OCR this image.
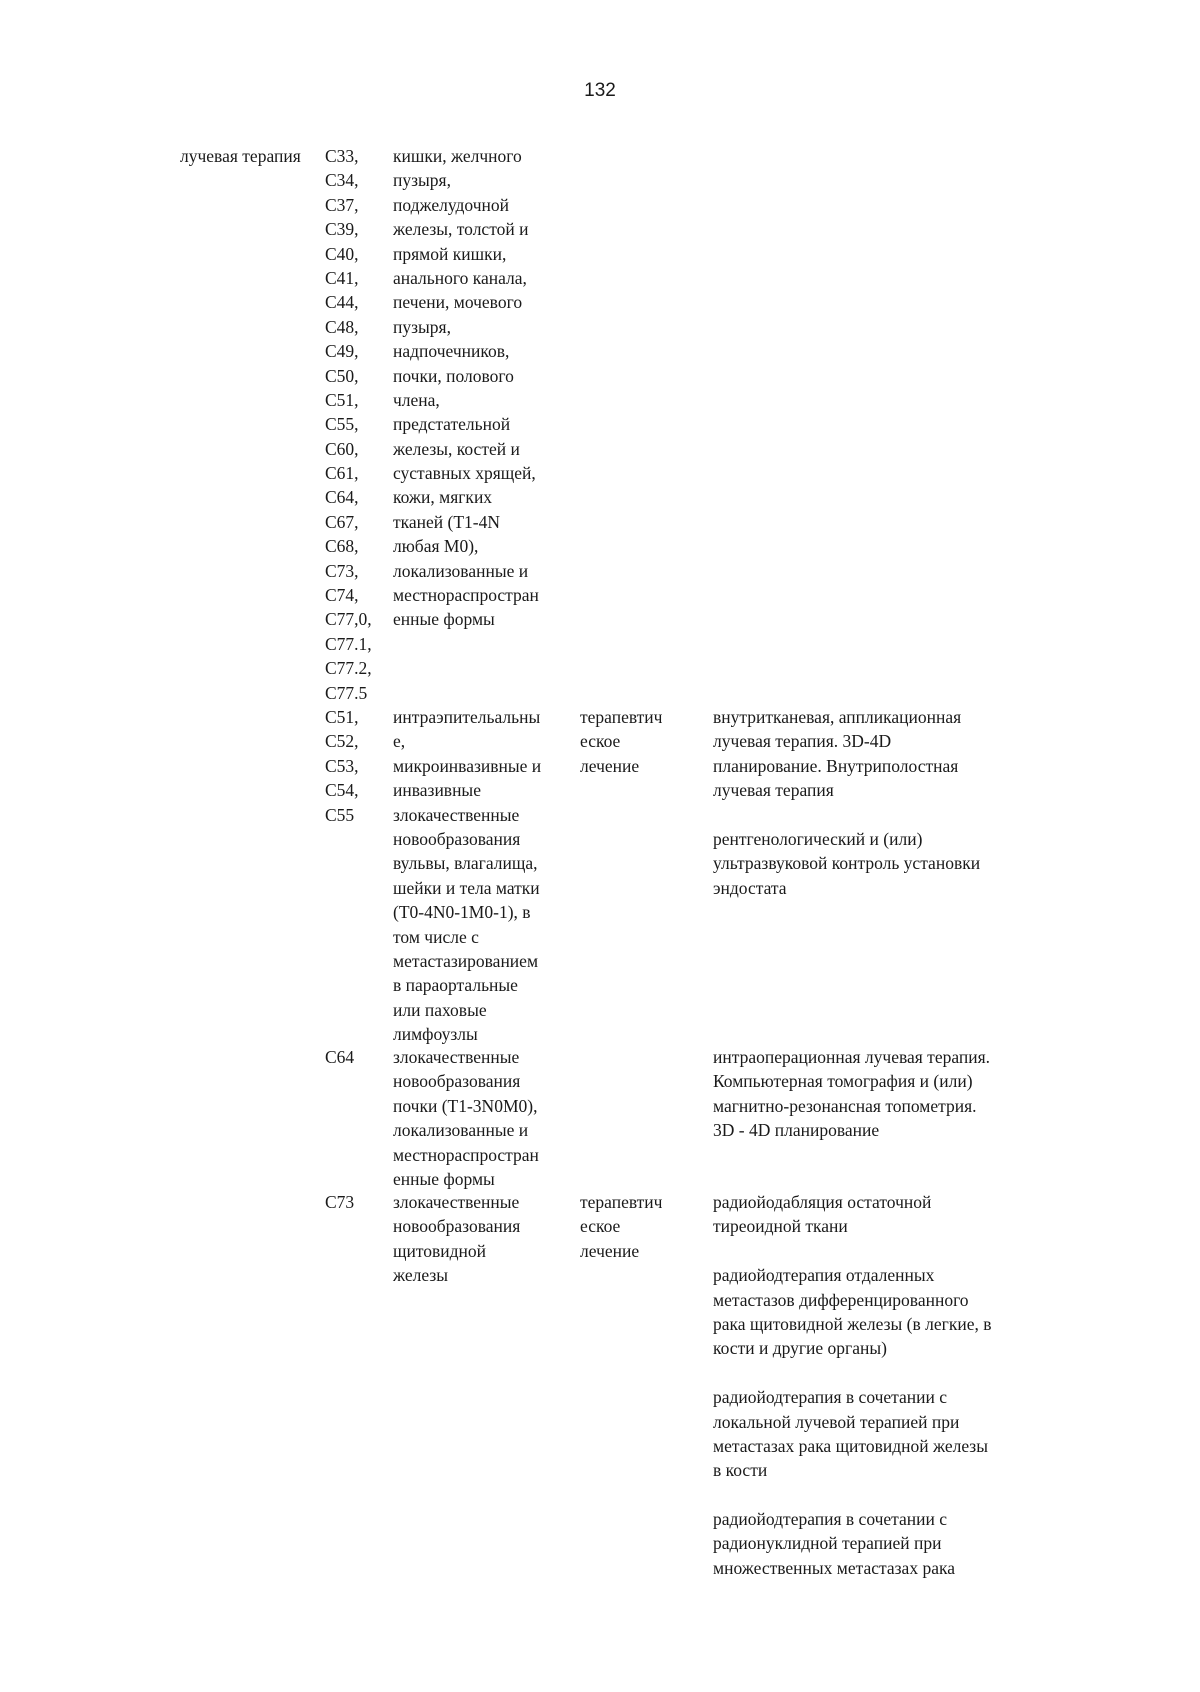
132
лучевая терапия C33,
C34,
C37,
C39,
C40,
C41,
C44,
C48,
C49,
C50,
C51,
C55,
C60,
C61,
C64,
C67,
C68,
C73,
C74,
C77,0,
C77.1,
C77.2,
C77.5
кишки, желчного
пузыря,
поджелудочной
железы, толстой и
прямой кишки,
анального канала,
печени, мочевого
пузыря,
надпочечников,
почки, полового
члена,
предстательной
железы, костей и
суставных хрящей,
кожи, мягких
тканей (T1-4N
любая M0),
локализованные и
местнораспростран
енные формы
C51,
C52,
C53,
C54,
C55
интраэпительальны
е,
микроинвазивные и
инвазивные
злокачественные
новообразования
вульвы, влагалища,
шейки и тела матки
(T0-4N0-1M0-1), в
том числе с
метастазированием
в параортальные
или паховые
лимфоузлы
терапевтич
еское
лечение
внутритканевая, аппликационная
лучевая терапия. 3D-4D
планирование. Внутриполостная
лучевая терапия
рентгенологический и (или)
ультразвуковой контроль установки
эндостата
C64 злокачественные
новообразования
почки (T1-3N0M0),
локализованные и
местнораспростран
енные формы
интраоперационная лучевая терапия.
Компьютерная томография и (или)
магнитно-резонансная топометрия.
3D - 4D планирование
C73 злокачественные
новообразования
щитовидной
железы
терапевтич
еское
лечение
радиойодабляция остаточной
тиреоидной ткани
радиойодтерапия отдаленных
метастазов дифференцированного
рака щитовидной железы (в легкие, в
кости и другие органы)
радиойодтерапия в сочетании с
локальной лучевой терапией при
метастазах рака щитовидной железы
в кости
радиойодтерапия в сочетании с
радионуклидной терапией при
множественных метастазах рака
